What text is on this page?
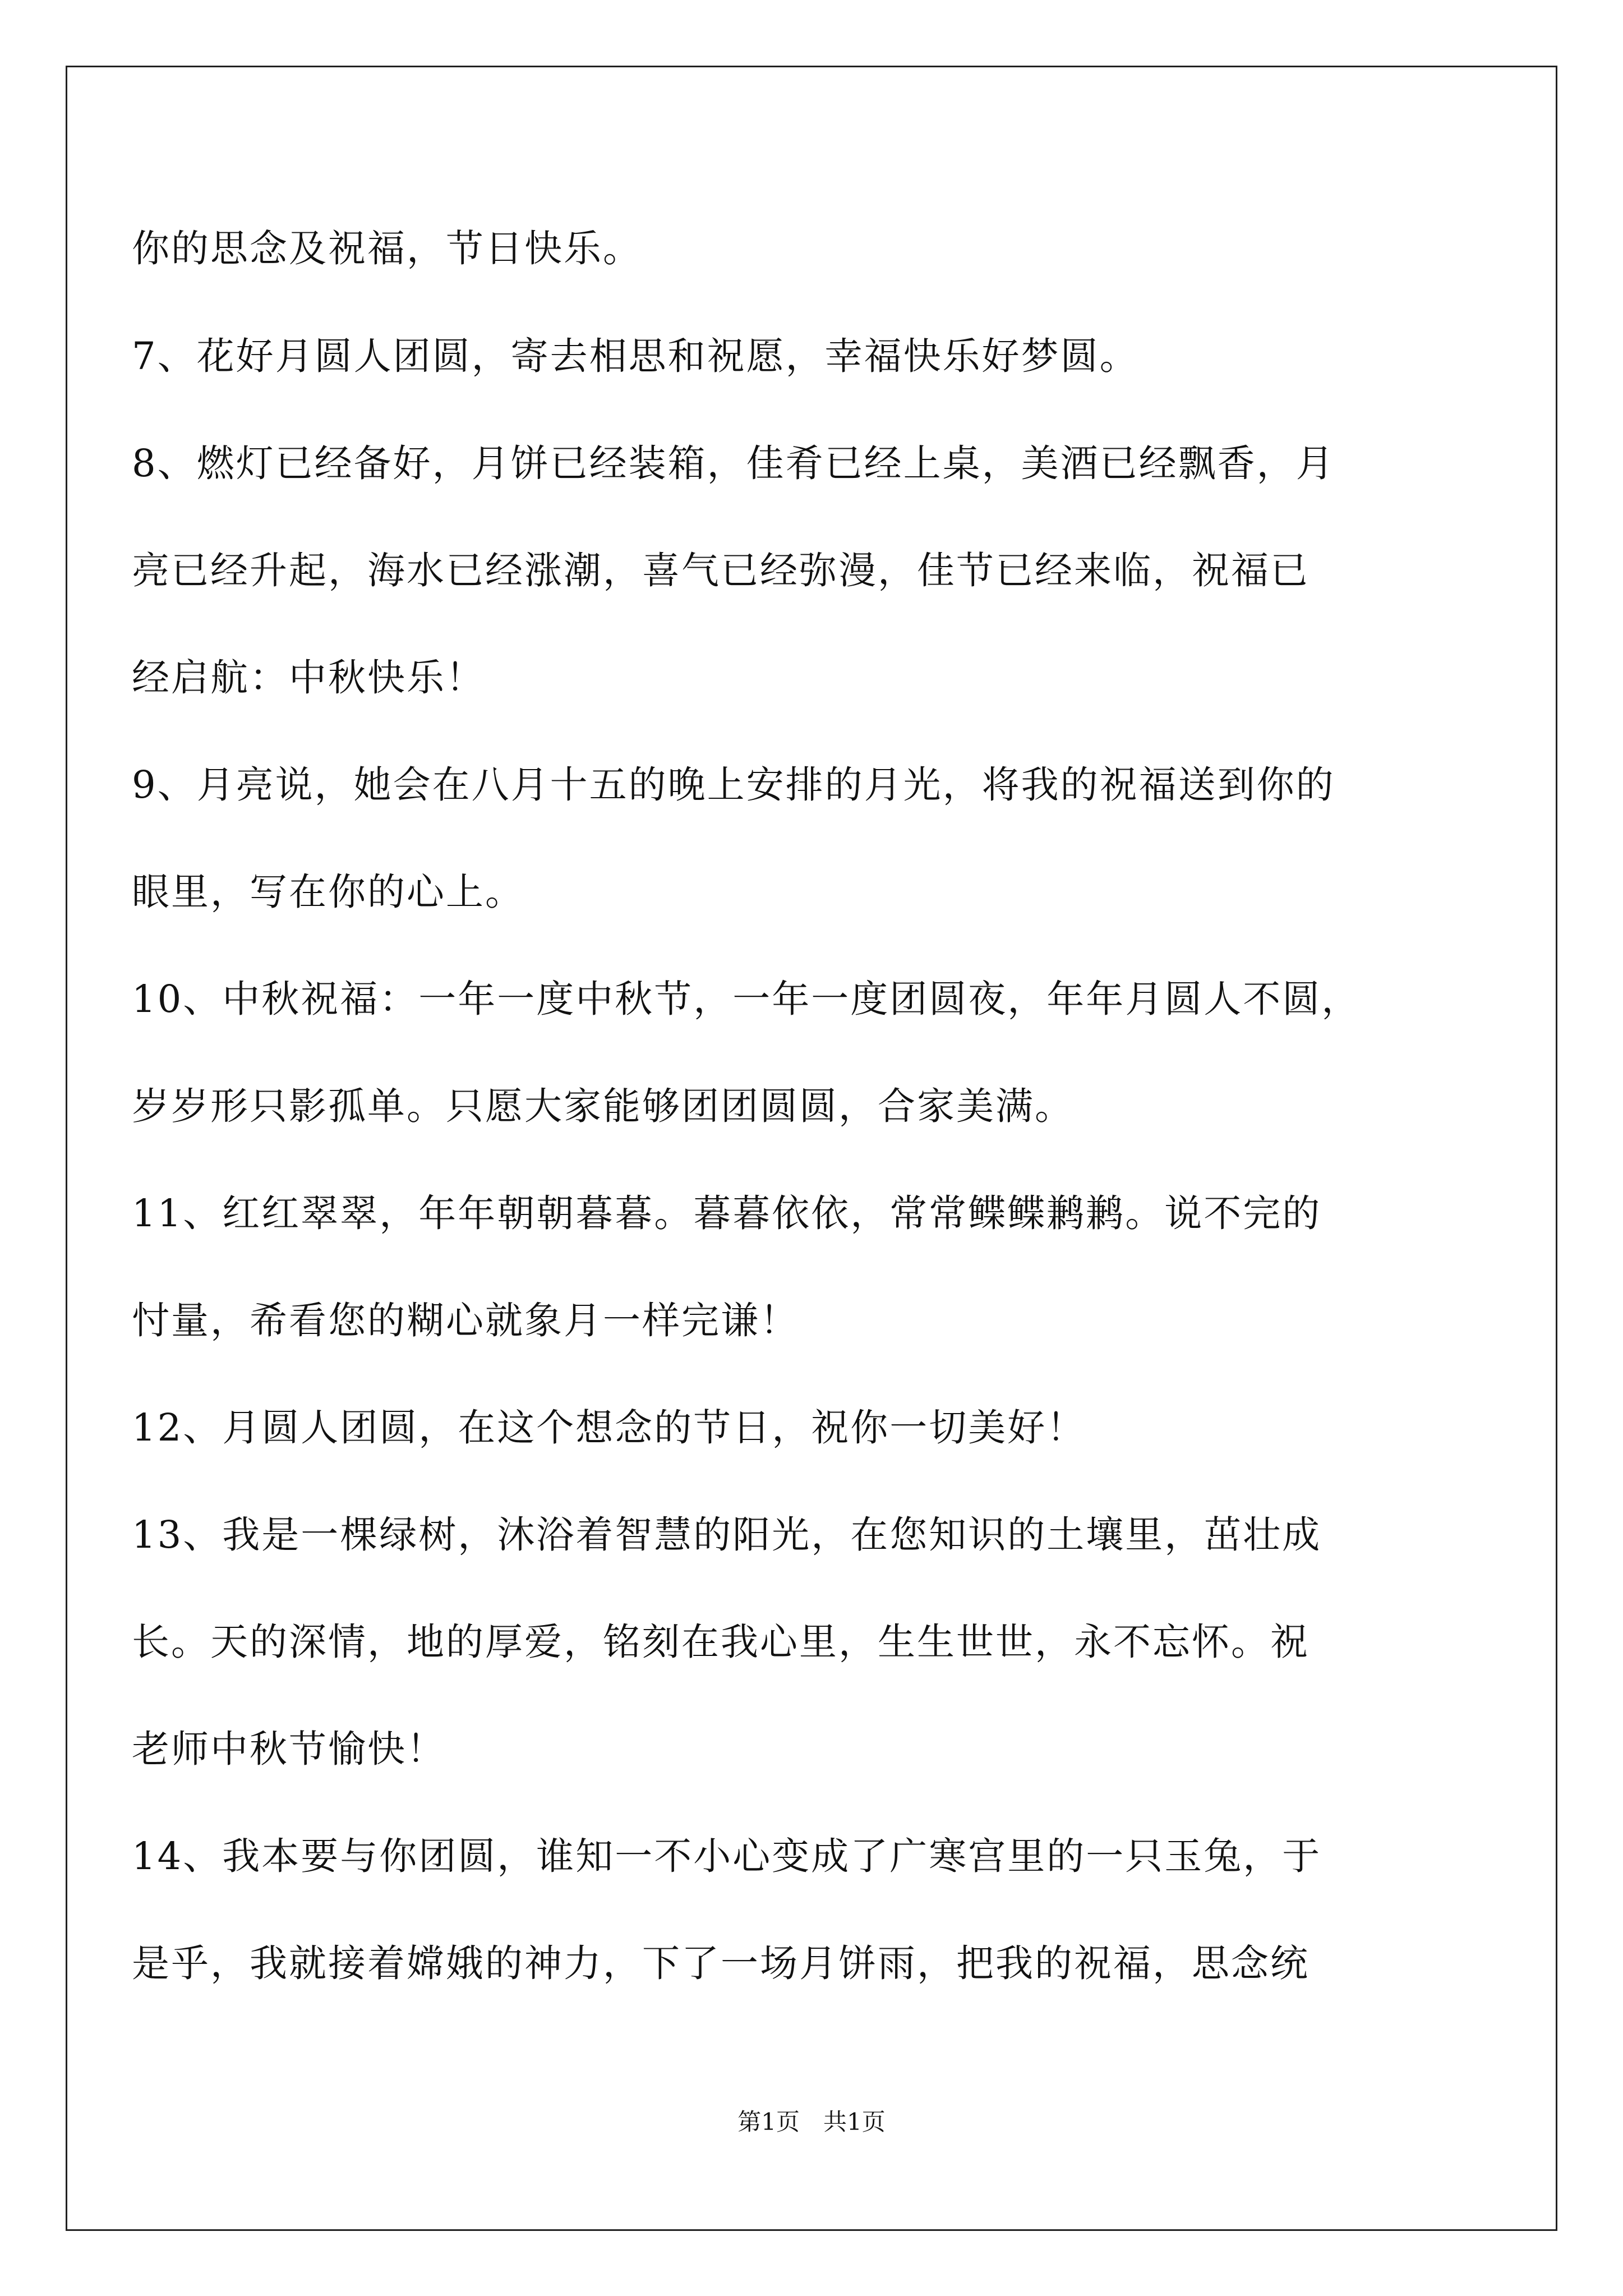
你的思念及祝福，节日快乐。

7、花好月圆人团圆，寄去相思和祝愿，幸福快乐好梦圆。

8、燃灯已经备好，月饼已经装箱，佳肴已经上桌，美酒已经飘香，月

亮已经升起，海水已经涨潮，喜气已经弥漫，佳节已经来临，祝福已

经启航：中秋快乐！

9、月亮说，她会在八月十五的晚上安排的月光，将我的祝福送到你的

眼里，写在你的心上。

10、中秋祝福：一年一度中秋节，一年一度团圆夜，年年月圆人不圆，

岁岁形只影孤单。只愿大家能够团团圆圆，合家美满。

11、红红翠翠，年年朝朝暮暮。暮暮依依，常常鲽鲽鹣鹣。说不完的

忖量，希看您的糊心就象月一样完谦！

12、月圆人团圆，在这个想念的节日，祝你一切美好！

13、我是一棵绿树，沐浴着智慧的阳光，在您知识的土壤里，茁壮成

长。天的深情，地的厚爱，铭刻在我心里，生生世世，永不忘怀。祝

老师中秋节愉快！

14、我本要与你团圆，谁知一不小心变成了广寒宫里的一只玉兔，于

是乎，我就接着嫦娥的神力，下了一场月饼雨，把我的祝福，思念统

第1页　共1页
